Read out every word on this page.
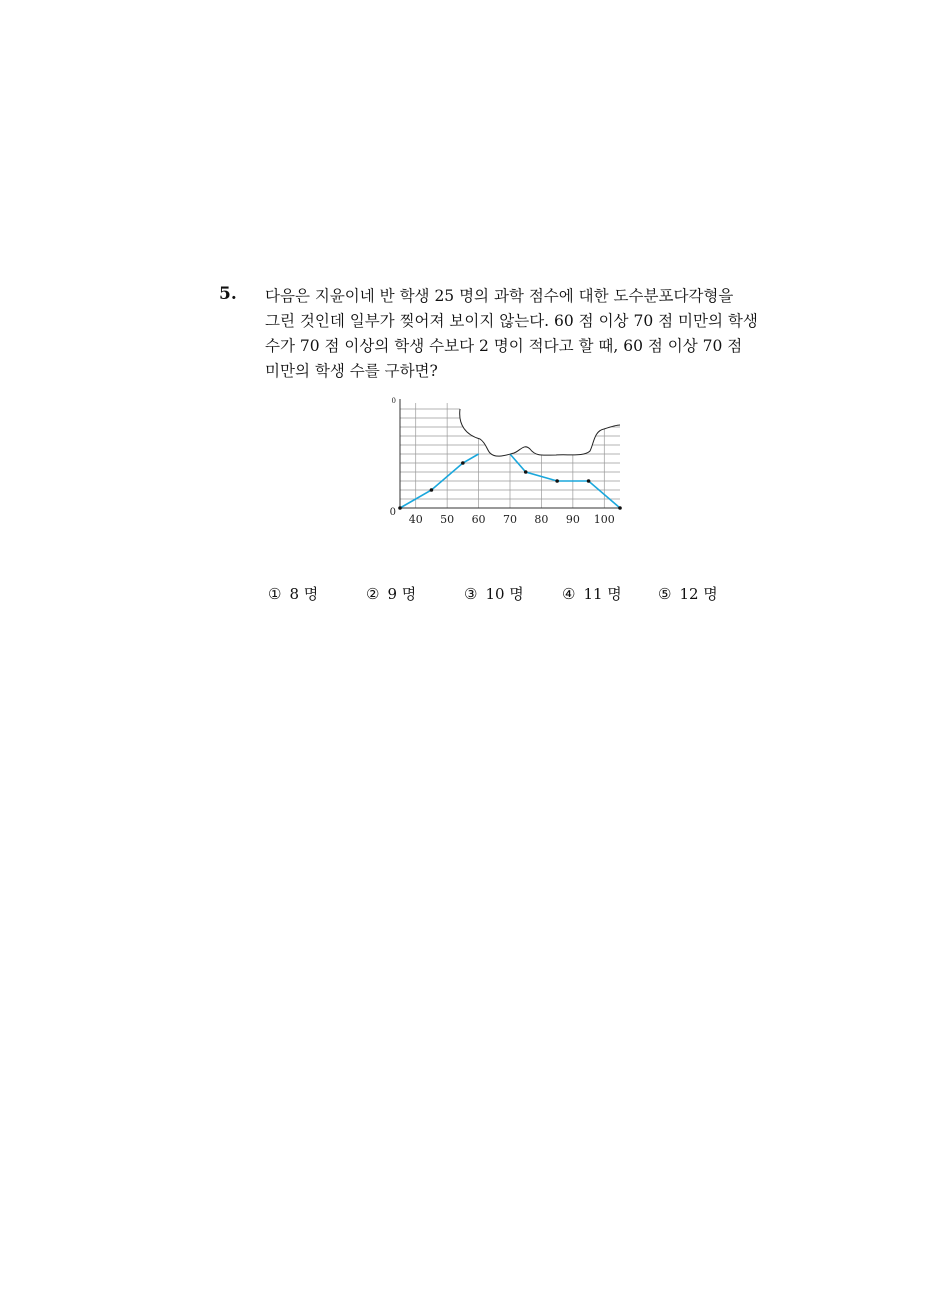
5. 다음은 지윤이네 반 학생 25 명의 과학 점수에 대한 도수분포다각형을
그린 것인데 일부가 찢어져 보이지 않는다. 60 점 이상 70 점 미만의 학생
수가 70 점 이상의 학생 수보다 2 명이 적다고 할 때, 60 점 이상 70 점
미만의 학생 수를 구하면?

0
0
40 50 60 70 80 90 100
① 8 명	② 9 명	③ 10 명	④ 11 명 ⑤ 12 명
